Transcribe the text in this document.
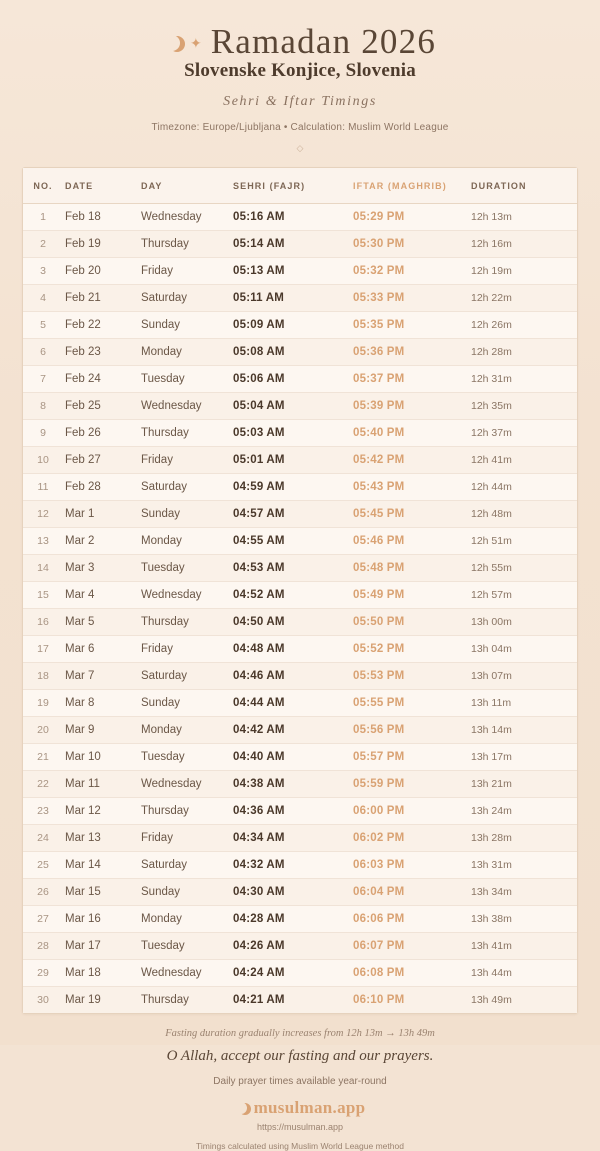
✦ Ramadan 2026
Slovenske Konjice, Slovenia
Sehri & Iftar Timings
Timezone: Europe/Ljubljana • Calculation: Muslim World League
◇
NO.	DATE	DAY	SEHRI (FAJR)	IFTAR (MAGHRIB)	DURATION
1	Feb 18	Wednesday	05:16 AM	05:29 PM	12h 13m
2	Feb 19	Thursday	05:14 AM	05:30 PM	12h 16m
3	Feb 20	Friday	05:13 AM	05:32 PM	12h 19m
4	Feb 21	Saturday	05:11 AM	05:33 PM	12h 22m
5	Feb 22	Sunday	05:09 AM	05:35 PM	12h 26m
6	Feb 23	Monday	05:08 AM	05:36 PM	12h 28m
7	Feb 24	Tuesday	05:06 AM	05:37 PM	12h 31m
8	Feb 25	Wednesday	05:04 AM	05:39 PM	12h 35m
9	Feb 26	Thursday	05:03 AM	05:40 PM	12h 37m
10	Feb 27	Friday	05:01 AM	05:42 PM	12h 41m
11	Feb 28	Saturday	04:59 AM	05:43 PM	12h 44m
12	Mar 1	Sunday	04:57 AM	05:45 PM	12h 48m
13	Mar 2	Monday	04:55 AM	05:46 PM	12h 51m
14	Mar 3	Tuesday	04:53 AM	05:48 PM	12h 55m
15	Mar 4	Wednesday	04:52 AM	05:49 PM	12h 57m
16	Mar 5	Thursday	04:50 AM	05:50 PM	13h 00m
17	Mar 6	Friday	04:48 AM	05:52 PM	13h 04m
18	Mar 7	Saturday	04:46 AM	05:53 PM	13h 07m
19	Mar 8	Sunday	04:44 AM	05:55 PM	13h 11m
20	Mar 9	Monday	04:42 AM	05:56 PM	13h 14m
21	Mar 10	Tuesday	04:40 AM	05:57 PM	13h 17m
22	Mar 11	Wednesday	04:38 AM	05:59 PM	13h 21m
23	Mar 12	Thursday	04:36 AM	06:00 PM	13h 24m
24	Mar 13	Friday	04:34 AM	06:02 PM	13h 28m
25	Mar 14	Saturday	04:32 AM	06:03 PM	13h 31m
26	Mar 15	Sunday	04:30 AM	06:04 PM	13h 34m
27	Mar 16	Monday	04:28 AM	06:06 PM	13h 38m
28	Mar 17	Tuesday	04:26 AM	06:07 PM	13h 41m
29	Mar 18	Wednesday	04:24 AM	06:08 PM	13h 44m
30	Mar 19	Thursday	04:21 AM	06:10 PM	13h 49m
Fasting duration gradually increases from 12h 13m → 13h 49m
O Allah, accept our fasting and our prayers.
Daily prayer times available year-round
musulman.app
https://musulman.app
Timings calculated using Muslim World League method
